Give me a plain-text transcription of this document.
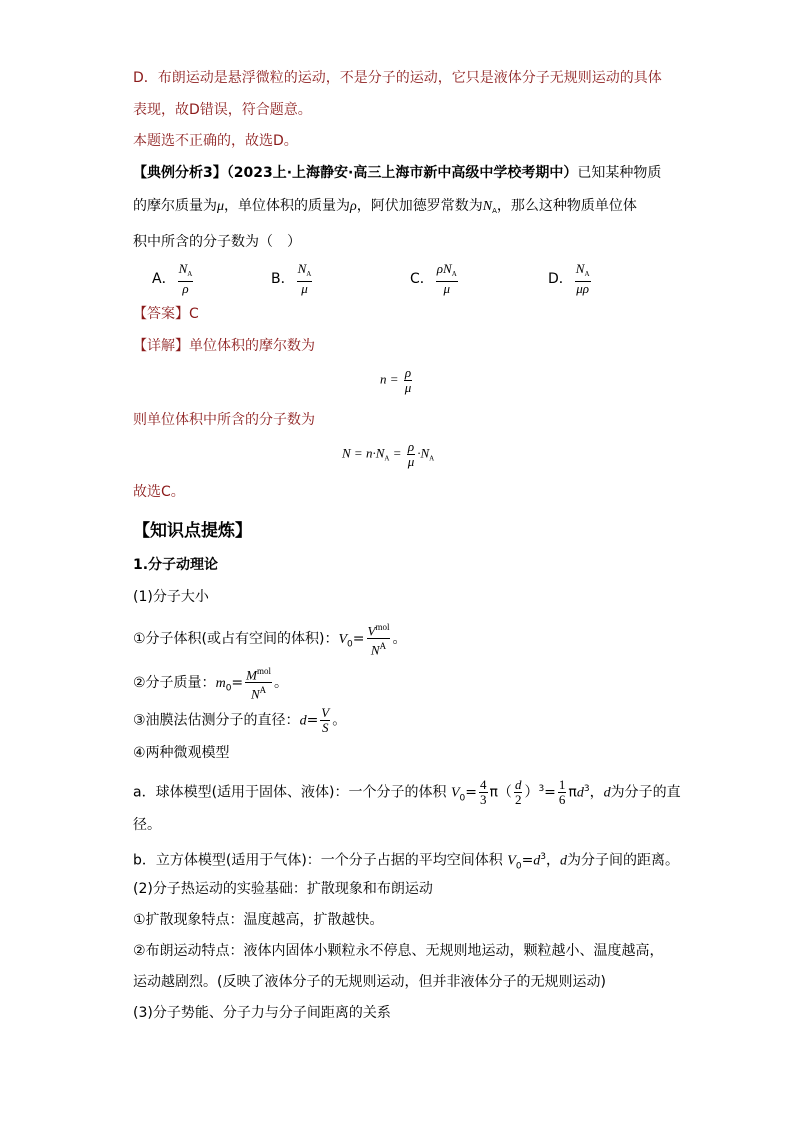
D．布朗运动是悬浮微粒的运动，不是分子的运动，它只是液体分子无规则运动的具体
表现，故D错误，符合题意。
本题选不正确的，故选D。
【典例分析3】（2023上·上海静安·高三上海市新中高级中学校考期中）已知某种物质
的摩尔质量为μ，单位体积的质量为ρ，阿伏加德罗常数为$N_A$，那么这种物质单位体
积中所含的分子数为（　）
A． $\frac{N_A}{\rho}$	B． $\frac{N_A}{\mu}$	C． $\frac{\rho N_A}{\mu}$	D． $\frac{N_A}{\mu\rho}$
【答案】C
【详解】单位体积的摩尔数为
$n = \frac{\rho}{\mu}$
则单位体积中所含的分子数为
$N = n\cdot N_A = \frac{\rho}{\mu} \cdot N_A$
故选C。
【知识点提炼】
1.分子动理论
(1)分子大小
①分子体积(或占有空间的体积)：$V_0= \frac{V^{mol}}{N^A}$ 。
②分子质量：$m_0= \frac{M^{mol}}{N^A}$ 。
③油膜法估测分子的直径：$d= \frac{V}{S}$ 。
④两种微观模型
a．球体模型(适用于固体、液体)：一个分子的体积 $V_0= \frac{4}{3} \pi( \frac{d}{2} )^3= \frac{1}{6} \pi d^3$，d为分子的直
径。
b．立方体模型(适用于气体)：一个分子占据的平均空间体积 $V_0=d^3$，d为分子间的距离。
(2)分子热运动的实验基础：扩散现象和布朗运动
①扩散现象特点：温度越高，扩散越快。
②布朗运动特点：液体内固体小颗粒永不停息、无规则地运动，颗粒越小、温度越高，
运动越剧烈。(反映了液体分子的无规则运动，但并非液体分子的无规则运动)
(3)分子势能、分子力与分子间距离的关系
